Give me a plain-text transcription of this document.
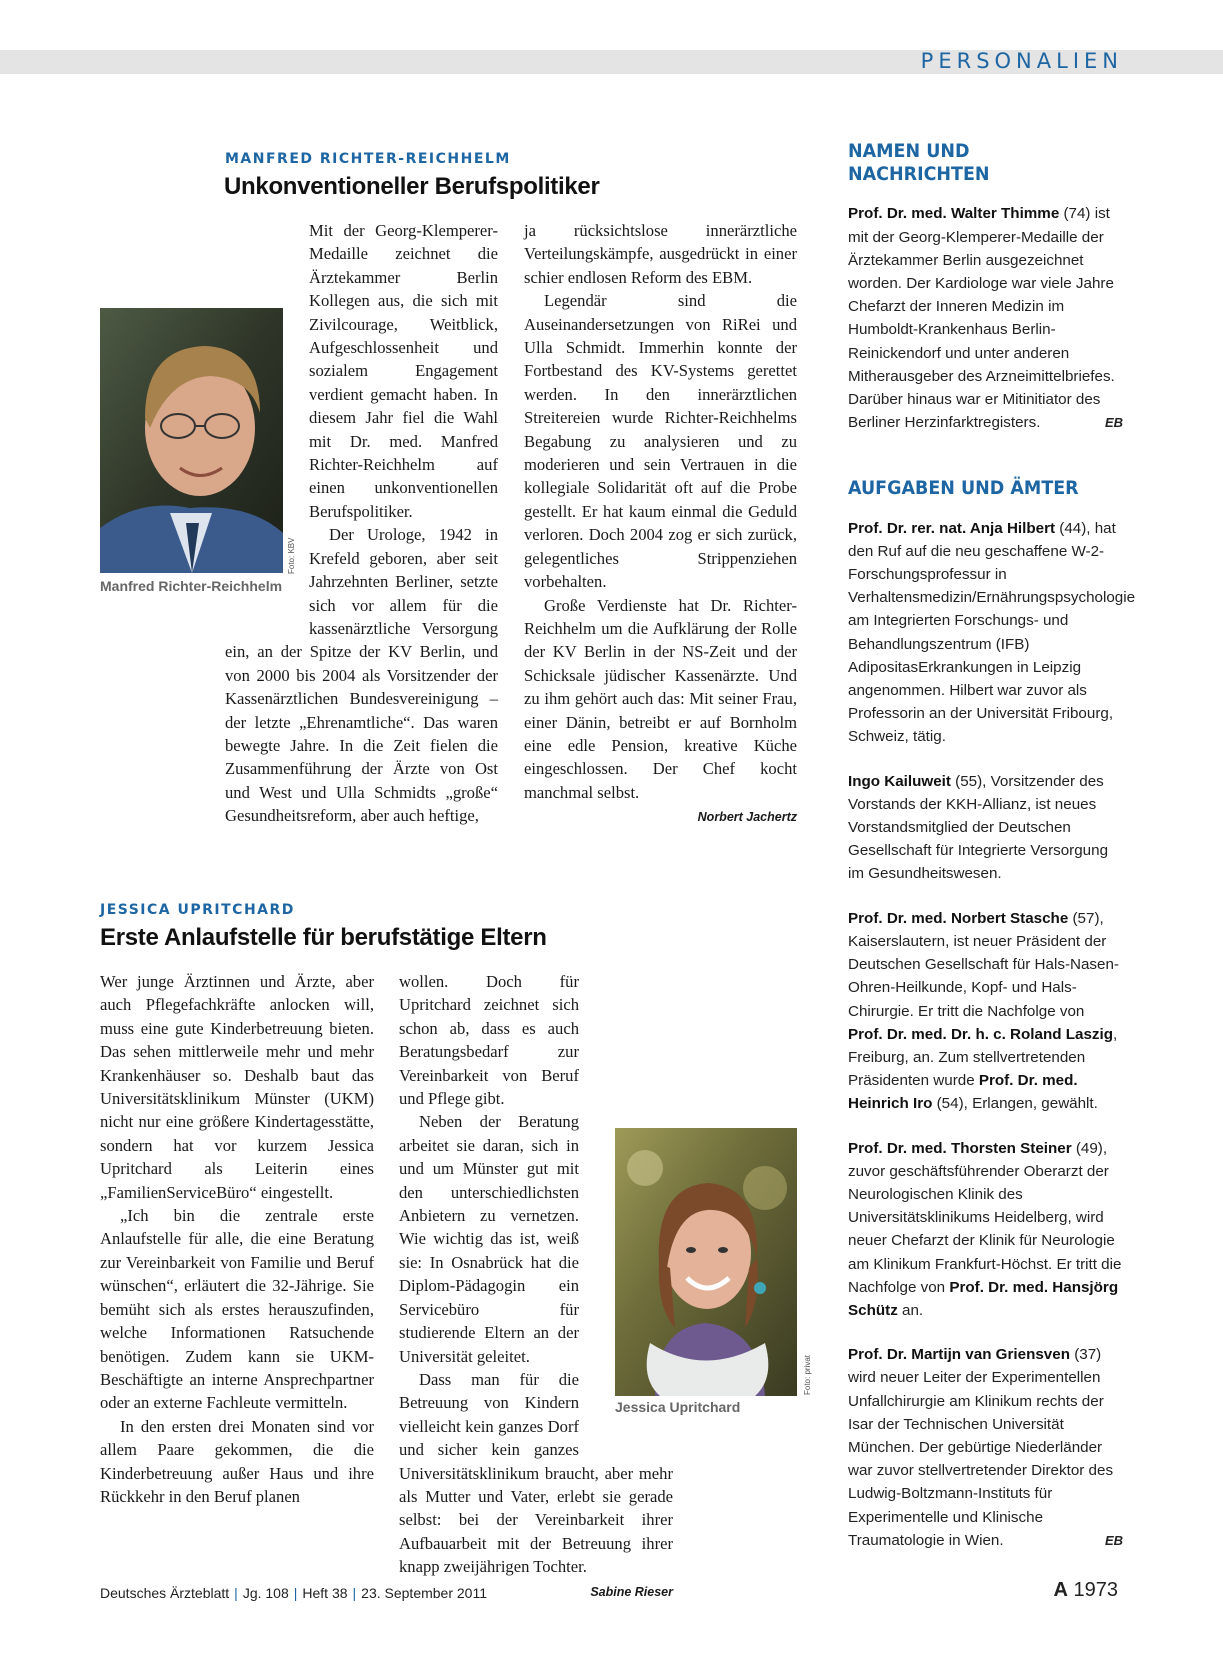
PERSONALIEN
MANFRED RICHTER-REICHHELM
Unkonventioneller Berufspolitiker
Foto: KBV
Manfred Richter-Reichhelm

Mit der Georg-Klemperer-Medaille zeichnet die Ärztekammer Berlin Kollegen aus, die sich mit Zivilcourage, Weitblick, Aufgeschlossenheit und sozialem Engagement verdient gemacht haben. In diesem Jahr fiel die Wahl mit Dr. med. Manfred Richter-Reichhelm auf einen unkonventionellen Berufspolitiker.

Der Urologe, 1942 in Krefeld geboren, aber seit Jahrzehnten Berliner, setzte sich vor allem für die kassenärztliche Versorgung ein, an der Spitze der KV Berlin, und von 2000 bis 2004 als Vorsitzender der Kassenärztlichen Bundesvereinigung – der letzte „Ehrenamtliche“. Das waren bewegte Jahre. In die Zeit fielen die Zusammenführung der Ärzte von Ost und West und Ulla Schmidts „große“ Gesundheitsreform, aber auch heftige,

ja rücksichtslose innerärztliche Verteilungskämpfe, ausgedrückt in einer schier endlosen Reform des EBM.

Legendär sind die Auseinandersetzungen von RiRei und Ulla Schmidt. Immerhin konnte der Fortbestand des KV-Systems gerettet werden. In den innerärztlichen Streitereien wurde Richter-Reichhelms Begabung zu analysieren und zu moderieren und sein Vertrauen in die kollegiale Solidarität oft auf die Probe gestellt. Er hat kaum einmal die Geduld verloren. Doch 2004 zog er sich zurück, gelegentliches Strippenziehen vorbehalten.

Große Verdienste hat Dr. Richter-Reichhelm um die Aufklärung der Rolle der KV Berlin in der NS-Zeit und der Schicksale jüdischer Kassenärzte. Und zu ihm gehört auch das: Mit seiner Frau, einer Dänin, betreibt er auf Bornholm eine edle Pension, kreative Küche eingeschlossen. Der Chef kocht manchmal selbst.

Norbert Jachertz
JESSICA UPRITCHARD
Erste Anlaufstelle für berufstätige Eltern

Wer junge Ärztinnen und Ärzte, aber auch Pflegefachkräfte anlocken will, muss eine gute Kinderbetreuung bieten. Das sehen mittlerweile mehr und mehr Krankenhäuser so. Deshalb baut das Universitätsklinikum Münster (UKM) nicht nur eine größere Kindertagesstätte, sondern hat vor kurzem Jessica Upritchard als Leiterin eines „FamilienServiceBüro“ eingestellt.

„Ich bin die zentrale erste Anlaufstelle für alle, die eine Beratung zur Vereinbarkeit von Familie und Beruf wünschen“, erläutert die 32-Jährige. Sie bemüht sich als erstes herauszufinden, welche Informationen Ratsuchende benötigen. Zudem kann sie UKM-Beschäftigte an interne Ansprechpartner oder an externe Fachleute vermitteln.

In den ersten drei Monaten sind vor allem Paare gekommen, die die Kinderbetreuung außer Haus und ihre Rückkehr in den Beruf planen

wollen. Doch für Upritchard zeichnet sich schon ab, dass es auch Beratungsbedarf zur Vereinbarkeit von Beruf und Pflege gibt.

Neben der Beratung arbeitet sie daran, sich in und um Münster gut mit den unterschiedlichsten Anbietern zu vernetzen. Wie wichtig das ist, weiß sie: In Osnabrück hat die Diplom-Pädagogin ein Servicebüro für studierende Eltern an der Universität geleitet.

Dass man für die Betreuung von Kindern vielleicht kein ganzes Dorf und sicher kein ganzes Universitätsklinikum braucht, aber mehr als Mutter und Vater, erlebt sie gerade selbst: bei der Vereinbarkeit ihrer Aufbauarbeit mit der Betreuung ihrer knapp zweijährigen Tochter.

Sabine Rieser
Foto: privat
Jessica Upritchard
NAMEN UND NACHRICHTEN

Prof. Dr. med. Walter Thimme (74) ist mit der Georg-Klemperer-Medaille der Ärztekammer Berlin ausgezeichnet worden. Der Kardiologe war viele Jahre Chefarzt der Inneren Medizin im Humboldt-Krankenhaus Berlin-Reinickendorf und unter anderen Mitherausgeber des Arzneimittelbriefes. Darüber hinaus war er Mitinitiator des Berliner Herzinfarktregisters.	EB

AUFGABEN UND ÄMTER

Prof. Dr. rer. nat. Anja Hilbert (44), hat den Ruf auf die neu geschaffene W-2-Forschungsprofessur in Verhaltensmedizin/Ernährungspsychologie am Integrierten Forschungs- und Behandlungszentrum (IFB) AdipositasErkrankungen in Leipzig angenommen. Hilbert war zuvor als Professorin an der Universität Fribourg, Schweiz, tätig.

Ingo Kailuweit (55), Vorsitzender des Vorstands der KKH-Allianz, ist neues Vorstandsmitglied der Deutschen Gesellschaft für Integrierte Versorgung im Gesundheitswesen.

Prof. Dr. med. Norbert Stasche (57), Kaiserslautern, ist neuer Präsident der Deutschen Gesellschaft für Hals-Nasen-Ohren-Heilkunde, Kopf- und Hals-Chirurgie. Er tritt die Nachfolge von Prof. Dr. med. Dr. h. c. Roland Laszig, Freiburg, an. Zum stellvertretenden Präsidenten wurde Prof. Dr. med. Heinrich Iro (54), Erlangen, gewählt.

Prof. Dr. med. Thorsten Steiner (49), zuvor geschäftsführender Oberarzt der Neurologischen Klinik des Universitätsklinikums Heidelberg, wird neuer Chefarzt der Klinik für Neurologie am Klinikum Frankfurt-Höchst. Er tritt die Nachfolge von Prof. Dr. med. Hansjörg Schütz an.

Prof. Dr. Martijn van Griensven (37) wird neuer Leiter der Experimentellen Unfallchirurgie am Klinikum rechts der Isar der Technischen Universität München. Der gebürtige Niederländer war zuvor stellvertretender Direktor des Ludwig-Boltzmann-Instituts für Experimentelle und Klinische Traumatologie in Wien.	EB

Deutsches Ärzteblatt | Jg. 108 | Heft 38 | 23. September 2011	A 1973
